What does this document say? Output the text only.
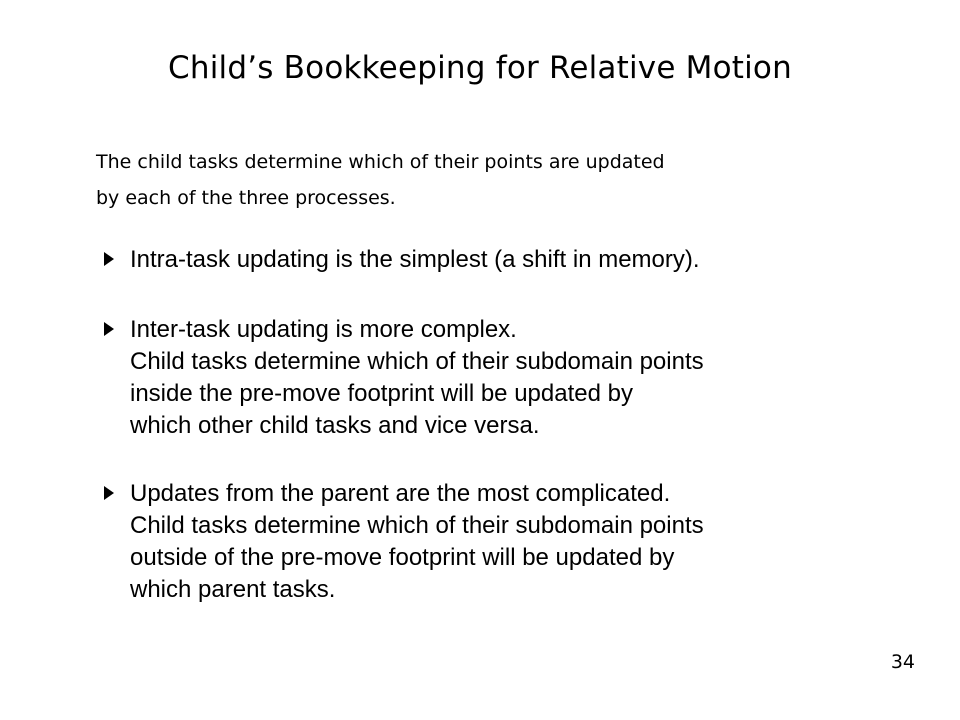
Child’s Bookkeeping for Relative Motion
The child tasks determine which of their points are updated
by each of the three processes.
Intra-task updating is the simplest (a shift in memory).
Inter-task updating is more complex.
Child tasks determine which of their subdomain points
inside the pre-move footprint will be updated by
which other child tasks and vice versa.
Updates from the parent are the most complicated.
Child tasks determine which of their subdomain points
outside of the pre-move footprint will be updated by
which parent tasks.
34
